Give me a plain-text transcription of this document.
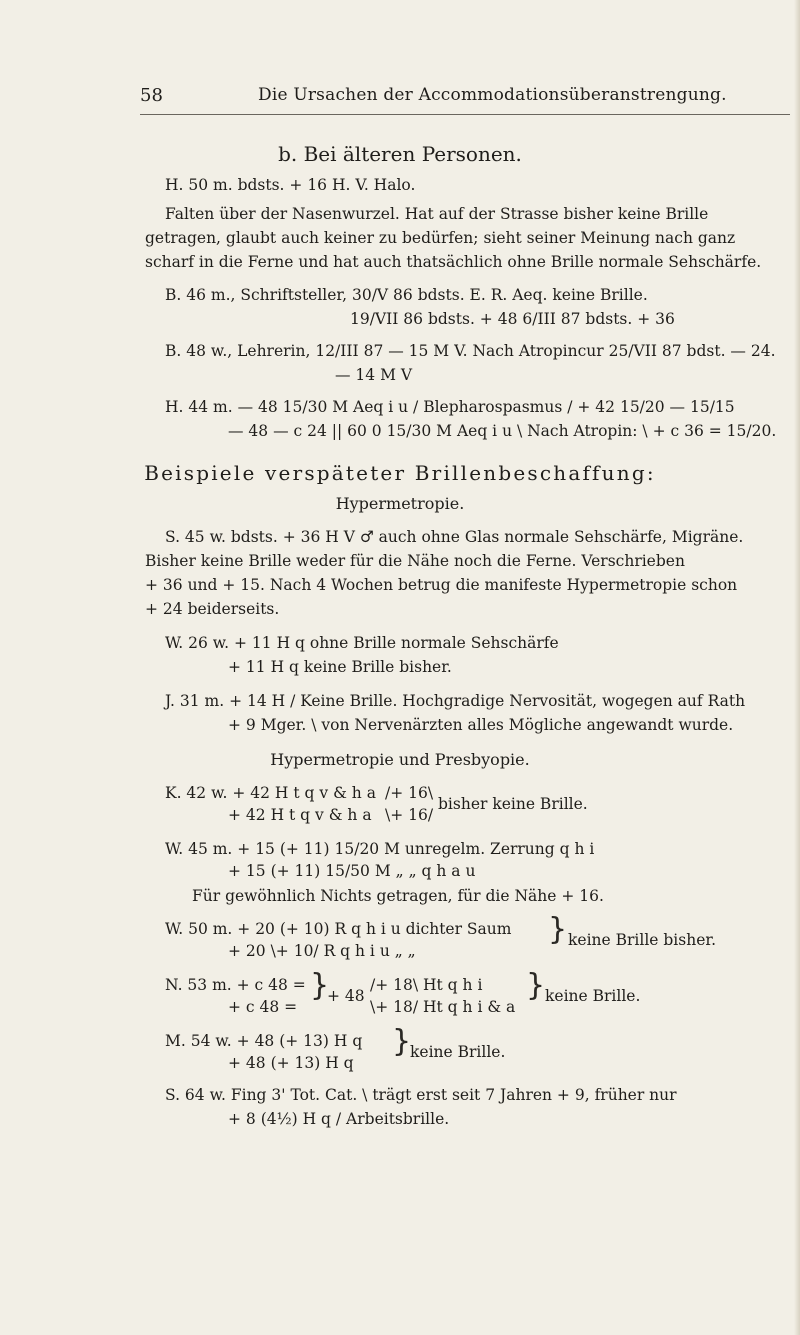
58	Die Ursachen der Accommodationsüberanstrengung.
b. Bei älteren Personen.
H. 50 m. bdsts. + 16 H. V. Halo.
Falten über der Nasenwurzel. Hat auf der Strasse bisher keine Brille
getragen, glaubt auch keiner zu bedürfen; sieht seiner Meinung nach ganz
scharf in die Ferne und hat auch thatsächlich ohne Brille normale Sehschärfe.
B. 46 m., Schriftsteller, 30/V 86 bdsts. E. R. Aeq. keine Brille.
19/VII 86 bdsts. + 48 6/III 87 bdsts. + 36
B. 48 w., Lehrerin, 12/III 87 — 15 M V. Nach Atropincur 25/VII 87 bdst. — 24.
— 14 M V
H. 44 m. — 48 15/30 M Aeq i u / Blepharospasmus / + 42 15/20 — 15/15
— 48 — c 24 || 60 0 15/30 M Aeq i u \ Nach Atropin: \ + c 36 = 15/20.
Beispiele verspäteter Brillenbeschaffung:
Hypermetropie.
S. 45 w. bdsts. + 36 H V ♂ auch ohne Glas normale Sehschärfe, Migräne.
Bisher keine Brille weder für die Nähe noch die Ferne. Verschrieben
+ 36 und + 15. Nach 4 Wochen betrug die manifeste Hypermetropie schon
+ 24 beiderseits.
W. 26 w. + 11 H q ohne Brille normale Sehschärfe
+ 11 H q keine Brille bisher.
J. 31 m. + 14 H / Keine Brille. Hochgradige Nervosität, wogegen auf Rath
+ 9 Mger. \ von Nervenärzten alles Mögliche angewandt wurde.
Hypermetropie und Presbyopie.
K. 42 w. + 42 H t q v & h a
+ 42 H t q v & h a
/+ 16\
\+ 16/
bisher keine Brille.
W. 45 m. + 15 (+ 11) 15/20 M unregelm. Zerrung q h i
+ 15 (+ 11) 15/50 M „ „ q h a u
Für gewöhnlich Nichts getragen, für die Nähe + 16.
W. 50 m. + 20 (+ 10) R q h i u dichter Saum
+ 20 \+ 10/ R q h i u „ „
} keine Brille bisher.
N. 53 m. + c 48 =
+ c 48 =
}
+ 48
/+ 18\ Ht q h i
\+ 18/ Ht q h i & a
} keine Brille.
M. 54 w. + 48 (+ 13) H q
+ 48 (+ 13) H q
}
keine Brille.
S. 64 w. Fing 3' Tot. Cat. \ trägt erst seit 7 Jahren + 9, früher nur
+ 8 (4½) H q / Arbeitsbrille.
